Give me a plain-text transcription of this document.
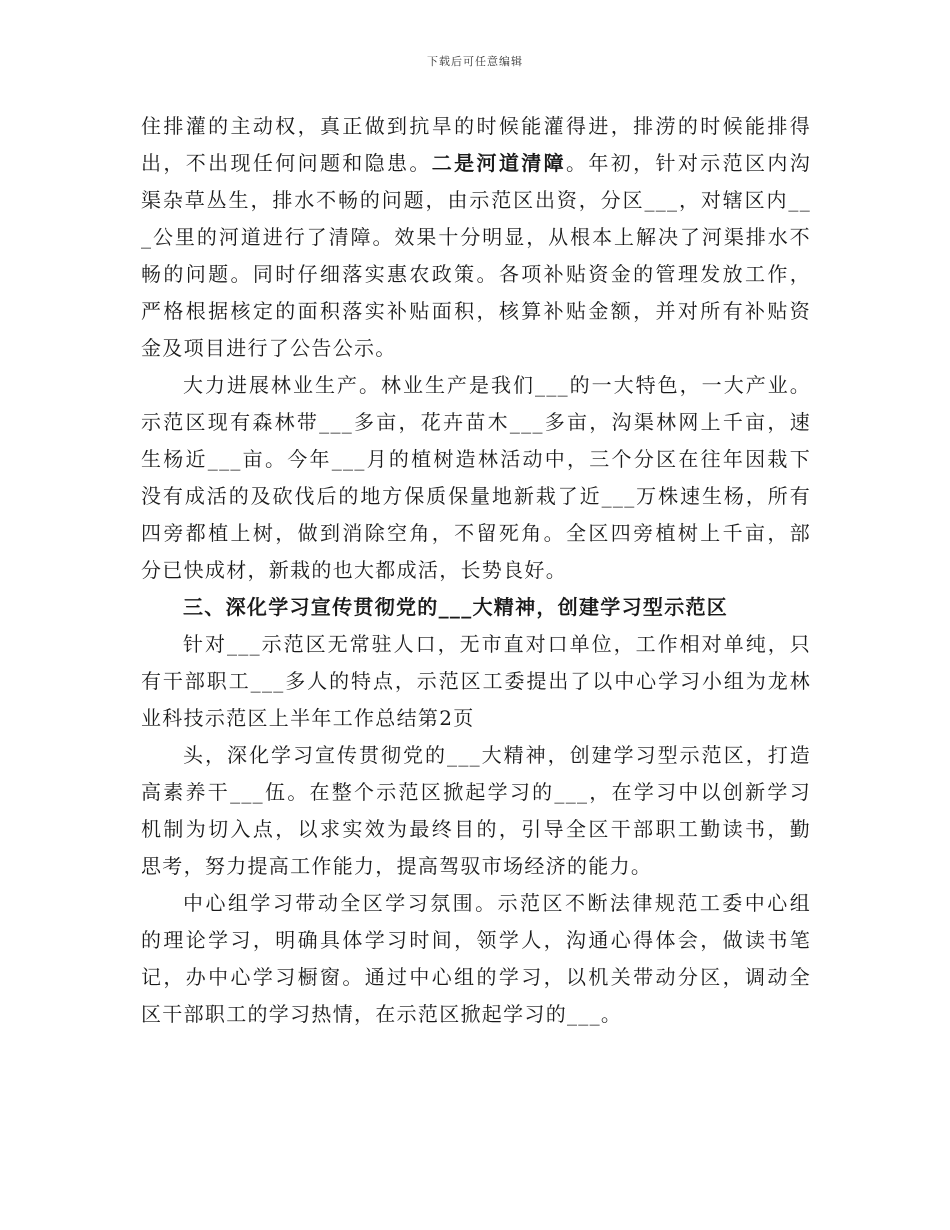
下载后可任意编辑
住排灌的主动权，真正做到抗旱的时候能灌得进，排涝的时候能排得
出，不出现任何问题和隐患。二是河道清障。年初，针对示范区内沟
渠杂草丛生，排水不畅的问题，由示范区出资，分区___，对辖区内__
_公里的河道进行了清障。效果十分明显，从根本上解决了河渠排水不
畅的问题。同时仔细落实惠农政策。各项补贴资金的管理发放工作，
严格根据核定的面积落实补贴面积，核算补贴金额，并对所有补贴资
金及项目进行了公告公示。
大力进展林业生产。林业生产是我们___的一大特色，一大产业。
示范区现有森林带___多亩，花卉苗木___多亩，沟渠林网上千亩，速
生杨近___亩。今年___月的植树造林活动中，三个分区在往年因栽下
没有成活的及砍伐后的地方保质保量地新栽了近___万株速生杨，所有
四旁都植上树，做到消除空角，不留死角。全区四旁植树上千亩，部
分已快成材，新栽的也大都成活，长势良好。
三、深化学习宣传贯彻党的___大精神，创建学习型示范区
针对___示范区无常驻人口，无市直对口单位，工作相对单纯，只
有干部职工___多人的特点，示范区工委提出了以中心学习小组为龙林
业科技示范区上半年工作总结第2页
头，深化学习宣传贯彻党的___大精神，创建学习型示范区，打造
高素养干___伍。在整个示范区掀起学习的___，在学习中以创新学习
机制为切入点，以求实效为最终目的，引导全区干部职工勤读书，勤
思考，努力提高工作能力，提高驾驭市场经济的能力。
中心组学习带动全区学习氛围。示范区不断法律规范工委中心组
的理论学习，明确具体学习时间，领学人，沟通心得体会，做读书笔
记，办中心学习橱窗。通过中心组的学习，以机关带动分区，调动全
区干部职工的学习热情，在示范区掀起学习的___。
